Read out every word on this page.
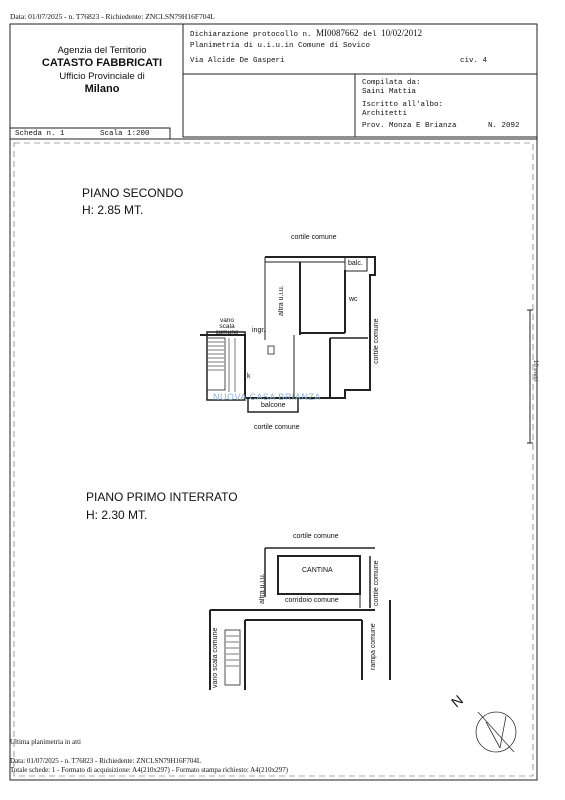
Data: 01/07/2025 - n. T76823 - Richiedente: ZNCLSN79H16F704L
Agenzia del Territorio
CATASTO FABBRICATI
Ufficio Provinciale di
Milano
Dichiarazione protocollo n. MI0087662 del 10/02/2012
Planimetria di u.i.u.in Comune di Sovico
Via Alcide De Gasperi	civ. 4
Compilata da:
Saini Mattia
Iscritto all'albo:
Architetti
Prov. Monza E Brianza	N. 2092
Scheda n. 1	Scala 1:200
PIANO SECONDO
H: 2.85 MT.
cortile comune
balc.
wc
altra u.i.u.
cortile comune
vano scala comune	ingr.
k
balcone
cortile comune
NUOVA CASA BRIANZA
10 metri
PIANO PRIMO INTERRATO
H: 2.30 MT.
cortile comune
CANTINA
altra u.i.u.	cortile comune
corridoio comune
vano scala comune	rampa comune
N
Ultima planimetria in atti
Data: 01/07/2025 - n. T76823 - Richiedente: ZNCLSN79H16F704L
Totale schede: 1 - Formato di acquisizione: A4(210x297) - Formato stampa richiesto: A4(210x297)
